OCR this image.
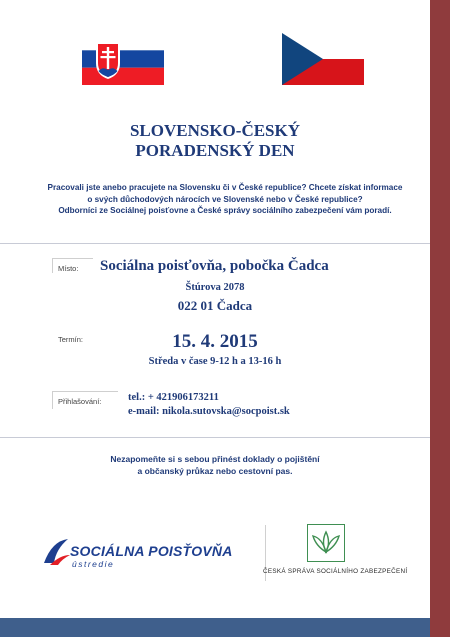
SLOVENSKO-ČESKÝ
PORADENSKÝ DEN
Pracovali jste anebo pracujete na Slovensku či v České republice? Chcete získat informace
o svých důchodových nárocích ve Slovenské nebo v České republice?
Odborníci ze Sociálnej poisťovne a České správy sociálního zabezpečení vám poradí.
Místo: Sociálna poisťovňa, pobočka Čadca
Štúrova 2078
022 01 Čadca
Termín:	15. 4. 2015
Středa v čase 9-12 h a 13-16 h
Přihlašování:	tel.: + 421906173211
e-mail: nikola.sutovska@socpoist.sk
Nezapomeňte si s sebou přinést doklady o pojištění
a občanský průkaz nebo cestovní pas.
SOCIÁLNA POISŤOVŇA
ústredie
ČESKÁ SPRÁVA SOCIÁLNÍHO ZABEZPEČENÍ
